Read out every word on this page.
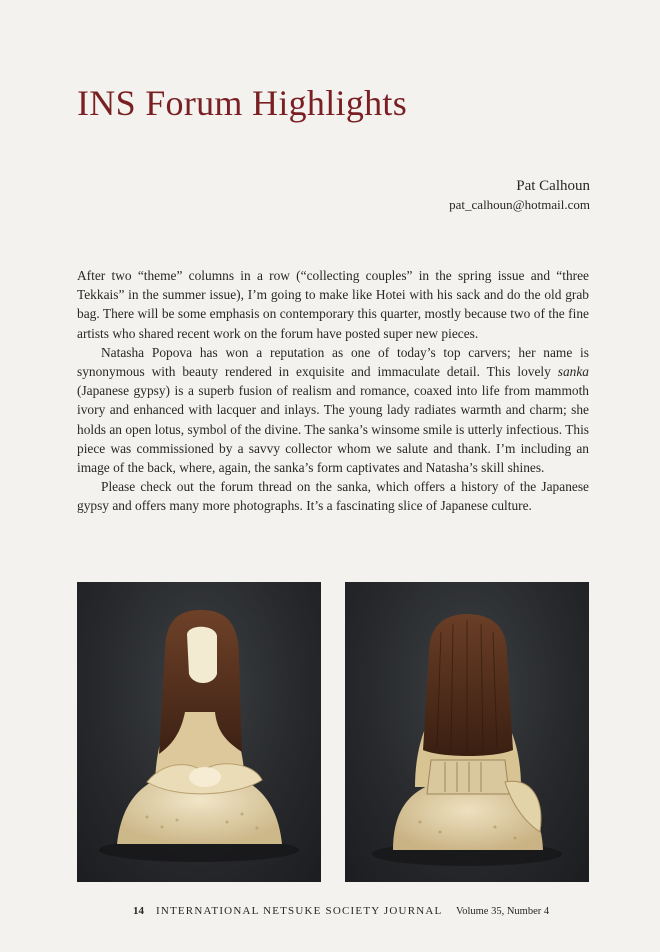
INS Forum Highlights
Pat Calhoun
pat_calhoun@hotmail.com

After two “theme” columns in a row (“collecting couples” in the spring issue and “three Tekkais” in the summer issue), I’m going to make like Hotei with his sack and do the old grab bag. There will be some emphasis on contemporary this quarter, mostly because two of the fine artists who shared recent work on the forum have posted super new pieces.

Natasha Popova has won a reputation as one of today’s top carvers; her name is synonymous with beauty rendered in exquisite and immaculate detail. This lovely sanka (Japanese gypsy) is a superb fusion of realism and romance, coaxed into life from mammoth ivory and enhanced with lacquer and inlays. The young lady radiates warmth and charm; she holds an open lotus, symbol of the divine. The sanka’s winsome smile is utterly infectious. This piece was commissioned by a savvy collector whom we salute and thank. I’m including an image of the back, where, again, the sanka’s form captivates and Natasha’s skill shines.

Please check out the forum thread on the sanka, which offers a history of the Japanese gypsy and offers many more photographs. It’s a fascinating slice of Japanese culture.

14 INTERNATIONAL NETSUKE SOCIETY JOURNAL Volume 35, Number 4
